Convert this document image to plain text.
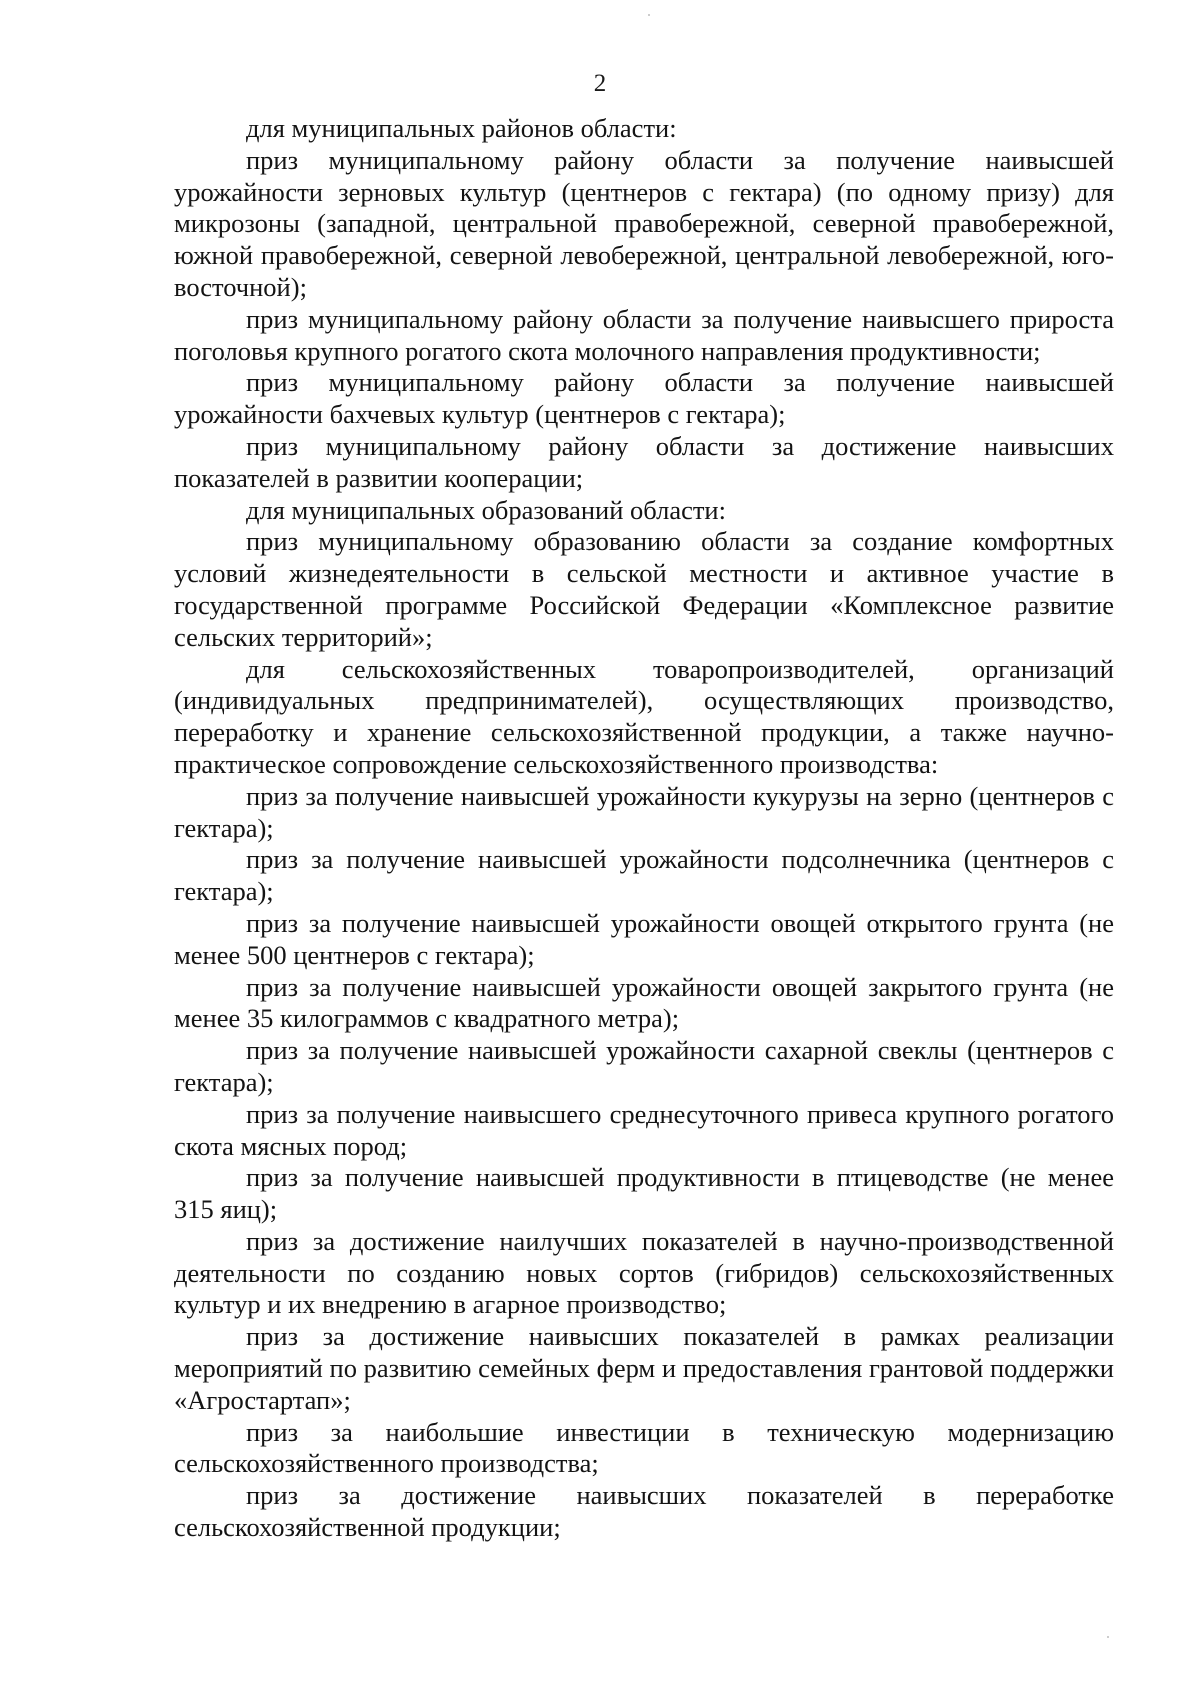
2

для муниципальных районов области:

приз муниципальному району области за получение наивысшей урожайности зерновых культур (центнеров с гектара) (по одному призу) для микрозоны (западной, центральной правобережной, северной правобережной, южной правобережной, северной левобережной, центральной левобережной, юго-восточной);

приз муниципальному району области за получение наивысшего прироста поголовья крупного рогатого скота молочного направления продуктивности;

приз муниципальному району области за получение наивысшей урожайности бахчевых культур (центнеров с гектара);

приз муниципальному району области за достижение наивысших показателей в развитии кооперации;

для муниципальных образований области:

приз муниципальному образованию области за создание комфортных условий жизнедеятельности в сельской местности и активное участие в государственной программе Российской Федерации «Комплексное развитие сельских территорий»;

для сельскохозяйственных товаропроизводителей, организаций (индивидуальных предпринимателей), осуществляющих производство, переработку и хранение сельскохозяйственной продукции, а также научно-практическое сопровождение сельскохозяйственного производства:

приз за получение наивысшей урожайности кукурузы на зерно (центнеров с гектара);

приз за получение наивысшей урожайности подсолнечника (центнеров с гектара);

приз за получение наивысшей урожайности овощей открытого грунта (не менее 500 центнеров с гектара);

приз за получение наивысшей урожайности овощей закрытого грунта (не менее 35 килограммов с квадратного метра);

приз за получение наивысшей урожайности сахарной свеклы (центнеров с гектара);

приз за получение наивысшего среднесуточного привеса крупного рогатого скота мясных пород;

приз за получение наивысшей продуктивности в птицеводстве (не менее 315 яиц);

приз за достижение наилучших показателей в научно-производственной деятельности по созданию новых сортов (гибридов) сельскохозяйственных культур и их внедрению в агарное производство;

приз за достижение наивысших показателей в рамках реализации мероприятий по развитию семейных ферм и предоставления грантовой поддержки «Агростартап»;

приз за наибольшие инвестиции в техническую модернизацию сельскохозяйственного производства;

приз за достижение наивысших показателей в переработке сельскохозяйственной продукции;
